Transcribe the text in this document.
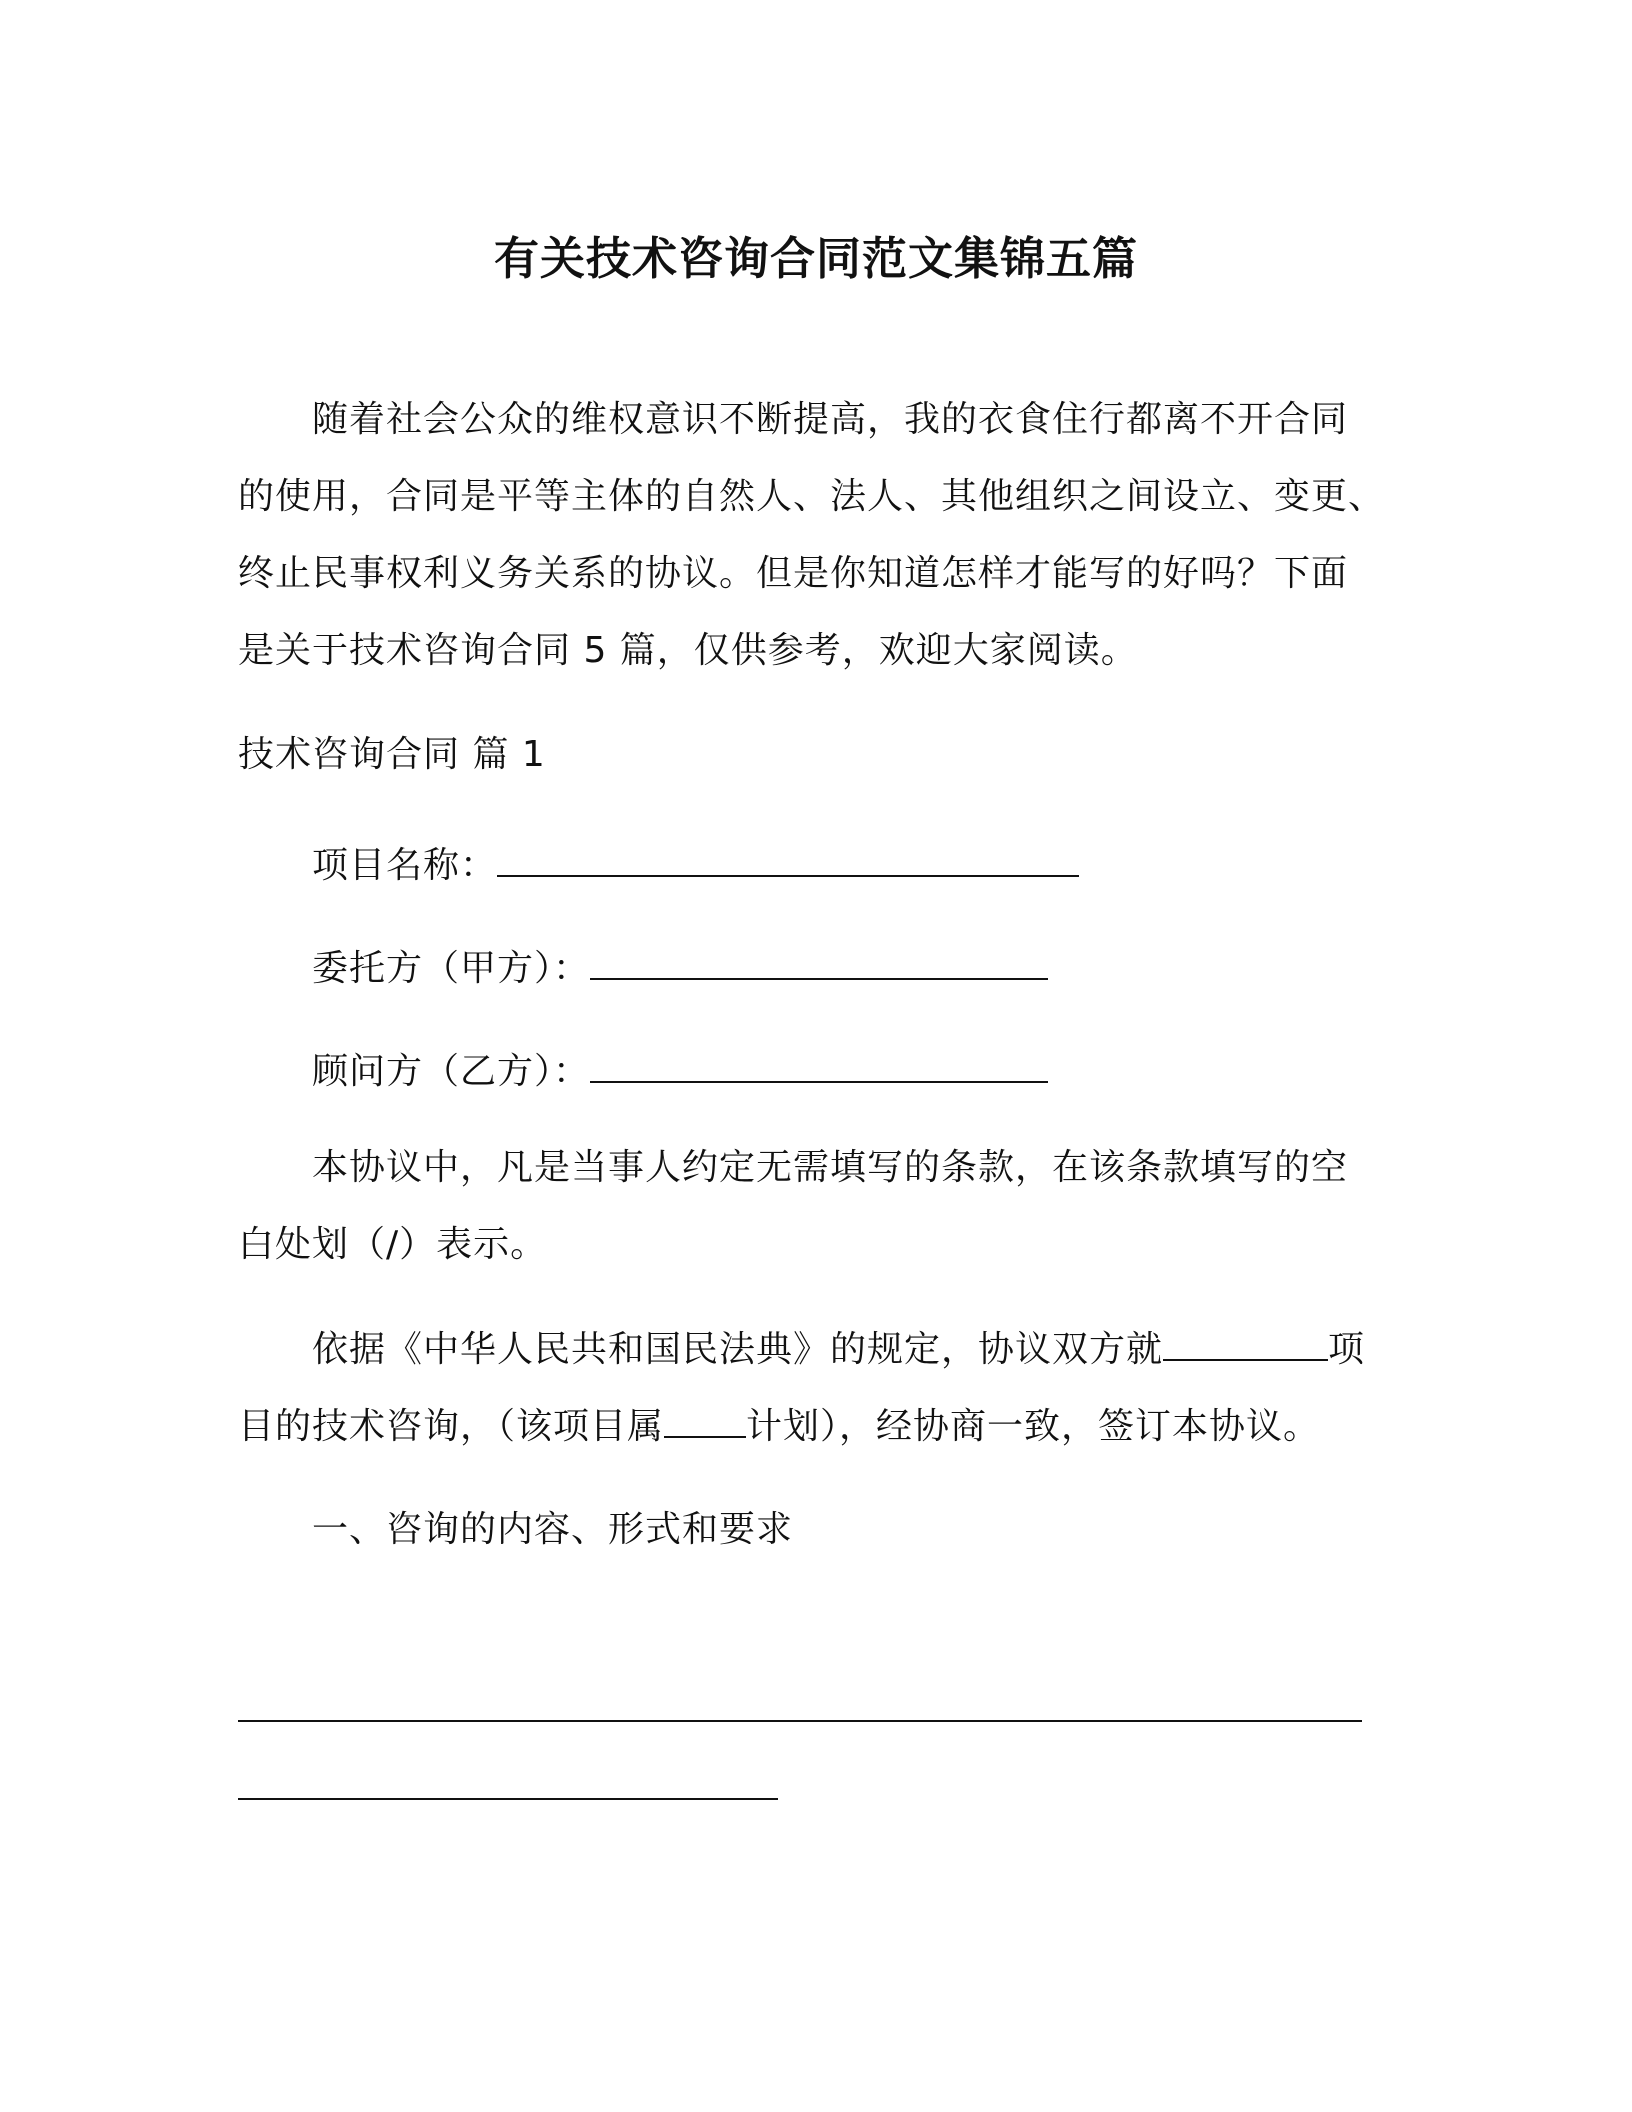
有关技术咨询合同范文集锦五篇
随着社会公众的维权意识不断提高，我的衣食住行都离不开合同
的使用，合同是平等主体的自然人、法人、其他组织之间设立、变更、
终止民事权利义务关系的协议。但是你知道怎样才能写的好吗？下面
是关于技术咨询合同 5 篇，仅供参考，欢迎大家阅读。
技术咨询合同 篇 1
项目名称：
委托方（甲方）：
顾问方（乙方）：
本协议中，凡是当事人约定无需填写的条款，在该条款填写的空
白处划（/）表示。
依据《中华人民共和国民法典》的规定，协议双方就	项
目的技术咨询，（该项目属 计划），经协商一致，签订本协议。
一、咨询的内容、形式和要求
